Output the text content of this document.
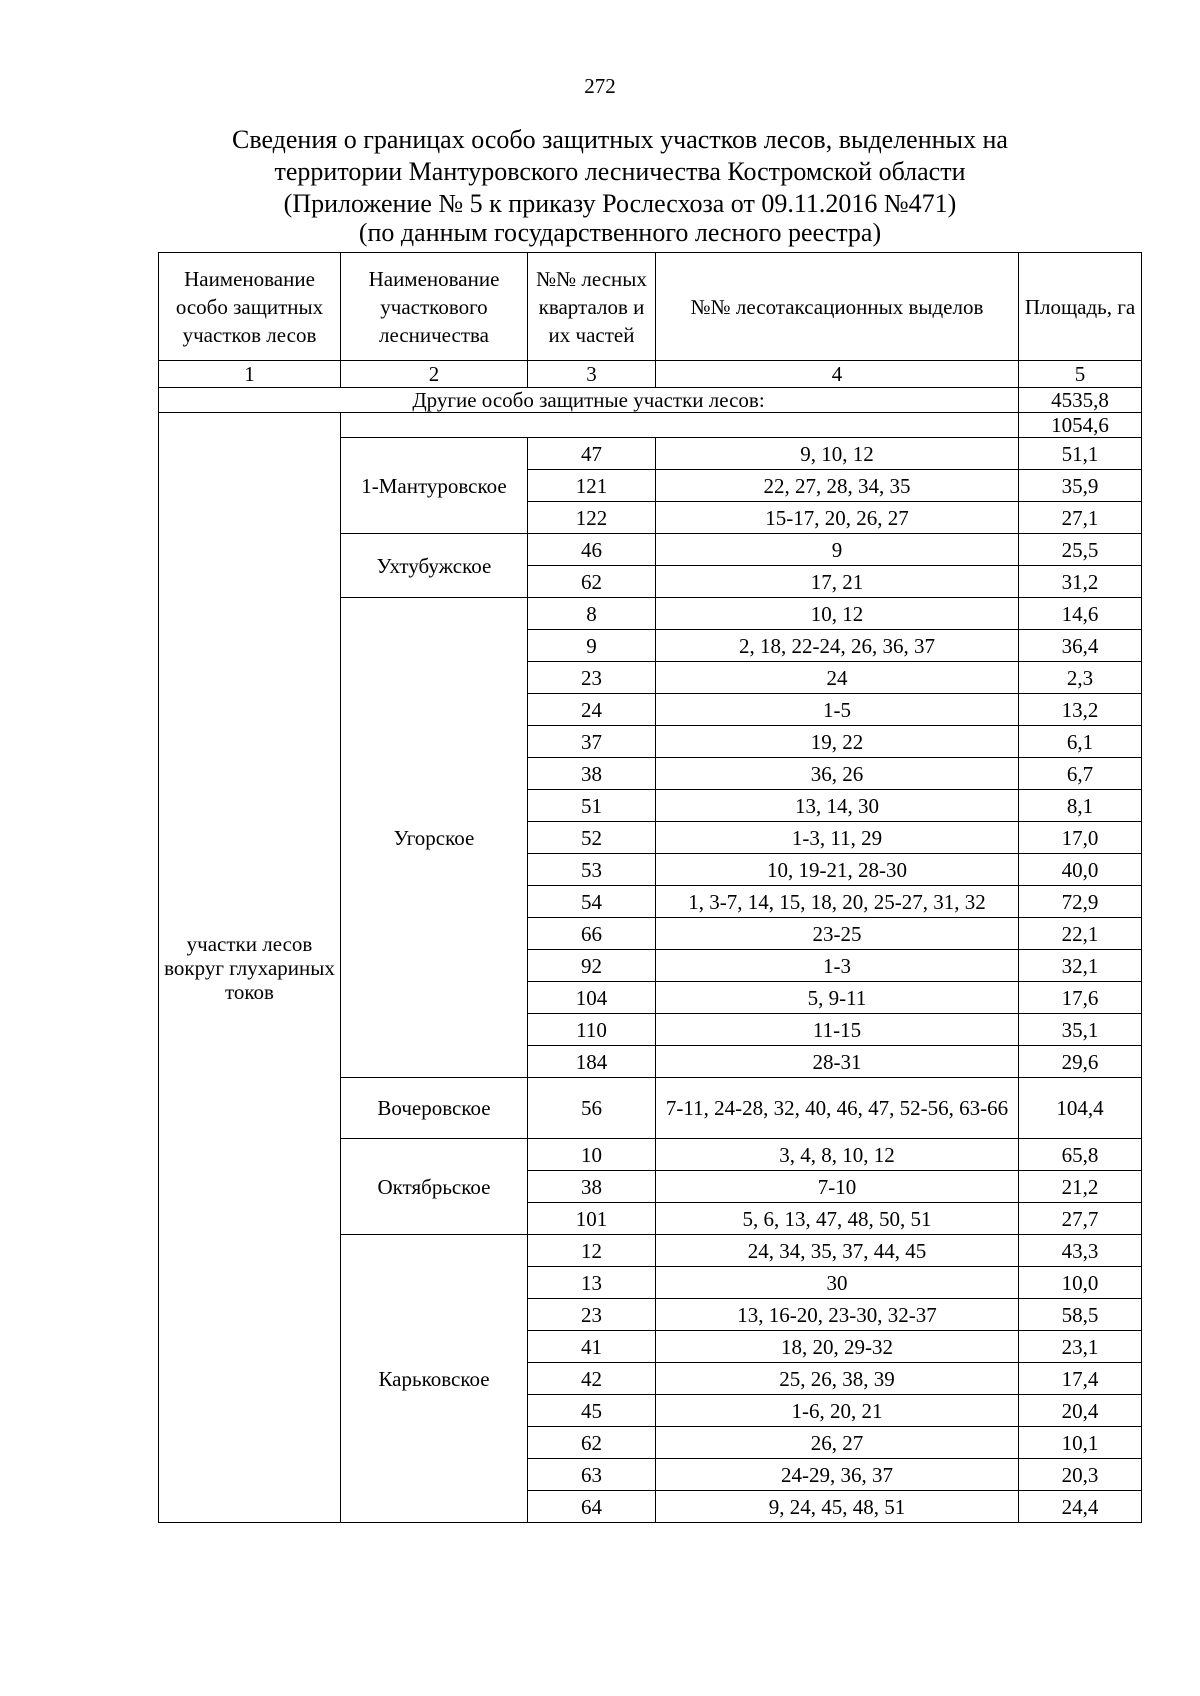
272
Сведения о границах особо защитных участков лесов, выделенных на
территории Мантуровского лесничества Костромской области
(Приложение № 5 к приказу Рослесхоза от 09.11.2016 №471)
(по данным государственного лесного реестра)
Наименование особо защитных участков лесов	Наименование участкового лесничества	№№ лесных кварталов и их частей	№№ лесотаксационных выделов	Площадь, га
1	2	3	4	5
Другие особо защитные участки лесов:				4535,8
участки лесов вокруг глухариных токов				1054,6
	1-Мантуровское	47	9, 10, 12	51,1
		121	22, 27, 28, 34, 35	35,9
		122	15-17, 20, 26, 27	27,1
	Ухтубужское	46	9	25,5
		62	17, 21	31,2
	Угорское	8	10, 12	14,6
		9	2, 18, 22-24, 26, 36, 37	36,4
		23	24	2,3
		24	1-5	13,2
		37	19, 22	6,1
		38	36, 26	6,7
		51	13, 14, 30	8,1
		52	1-3, 11, 29	17,0
		53	10, 19-21, 28-30	40,0
		54	1, 3-7, 14, 15, 18, 20, 25-27, 31, 32	72,9
		66	23-25	22,1
		92	1-3	32,1
		104	5, 9-11	17,6
		110	11-15	35,1
		184	28-31	29,6
	Вочеровское	56	7-11, 24-28, 32, 40, 46, 47, 52-56, 63-66	104,4
	Октябрьское	10	3, 4, 8, 10, 12	65,8
		38	7-10	21,2
		101	5, 6, 13, 47, 48, 50, 51	27,7
	Карьковское	12	24, 34, 35, 37, 44, 45	43,3
		13	30	10,0
		23	13, 16-20, 23-30, 32-37	58,5
		41	18, 20, 29-32	23,1
		42	25, 26, 38, 39	17,4
		45	1-6, 20, 21	20,4
		62	26, 27	10,1
		63	24-29, 36, 37	20,3
		64	9, 24, 45, 48, 51	24,4
